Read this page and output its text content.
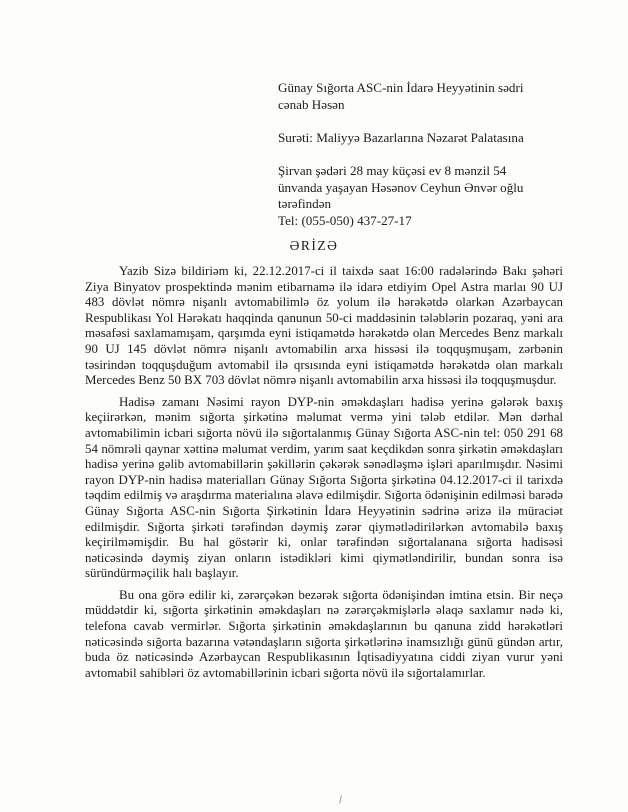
Günay Sığorta ASC-nin İdarə Heyyətinin sədri
cənab Həsən
Surəti: Maliyyə Bazarlarına Nəzarət Palatasına
Şirvan şədəri 28 may küçəsi ev 8 mənzil 54
ünvanda yaşayan Həsənov Ceyhun Ənvər oğlu
tərəfindən
Tel: (055-050) 437-27-17
ƏRİZƏ

Yazib Sizə bildiriəm ki, 22.12.2017-ci il taixdə saat 16:00 radələrində Bakı şəhəri Ziya Binyatov prospektində mənim etibarnamə ilə idarə etdiyim Opel Astra marlaı 90 UJ 483 dövlət nömrə nişanlı avtomabilimlə öz yolum ilə hərəkətdə olarkən Azərbaycan Respublikası Yol Hərəkatı haqqinda qanunun 50-ci maddəsinin tələblərin pozaraq, yəni ara məsafəsi saxlamamışam, qarşımda eyni istiqamətdə hərəkətdə olan Mercedes Benz markalı 90 UJ 145 dövlət nömrə nişanlı avtomabilin arxa hissəsi ilə toqquşmuşam, zərbənin təsirindən toqquşduğum avtomabil ilə qrsısında eyni istiqamətdə hərəkətdə olan markalı Mercedes Benz 50 BX 703 dövlət nömrə nişanlı avtomabilin arxa hissəsi ilə toqquşmuşdur.

Hadisə zamanı Nəsimi rayon DYP-nin əməkdaşları hadisə yerinə gələrək baxış keçiirərkən, mənim sığorta şirkətinə məlumat vermə yini tələb etdilər. Mən dərhal avtomabilimin icbari sığorta növü ilə sığortalanmış Günay Sığorta ASC-nin tel: 050 291 68 54 nömrəli qaynar xəttinə məlumat verdim, yarım saat keçdikdən sonra şirkətin əməkdaşları hadisə yerinə gəlib avtomabillərin şəkillərin çəkərək sənədləşmə işləri aparılmışdır. Nəsimi rayon DYP-nin hadisə materialları Günay Sığorta Sığorta şirkətinə 04.12.2017-ci il tarixdə təqdim edilmiş və araşdırma materialına əlavə edilmişdir. Sığorta ödənişinin edilməsi barədə Günay Sığorta ASC-nin Sığorta Şirkətinin İdarə Heyyətinin sədrinə ərizə ilə müraciət edilmişdir. Sığorta şirkəti tərəfindən dəymiş zərər qiymətlədirilərkən avtomabilə baxış keçirilməmişdir. Bu hal göstərir ki, onlar tərəfindən sığortalanana sığorta hadisəsi nəticəsində dəymiş ziyan onların istədikləri kimi qiymətləndirilir, bundan sonra isə süründürməçilik halı başlayır.

Bu ona görə edilir ki, zərərçəkən bezərək sığorta ödənişindən imtina etsin. Bir neçə müddətdir ki, sığorta şirkətinin əməkdaşları nə zərərçəkmişlərlə əlaqə saxlamır nədə ki, telefona cavab vermirlər. Sığorta şirkətinin əməkdaşlarının bu qanuna zidd hərəkətləri nəticəsində sığorta bazarına vətəndaşların sığorta şirkətlərinə inamsızlığı günü gündən artır, buda öz nəticəsində Azərbaycan Respublikasının İqtisadiyyatına ciddi ziyan vurur yəni avtomabil sahibləri öz avtomabillərinin icbari sığorta növü ilə sığortalamırlar.
